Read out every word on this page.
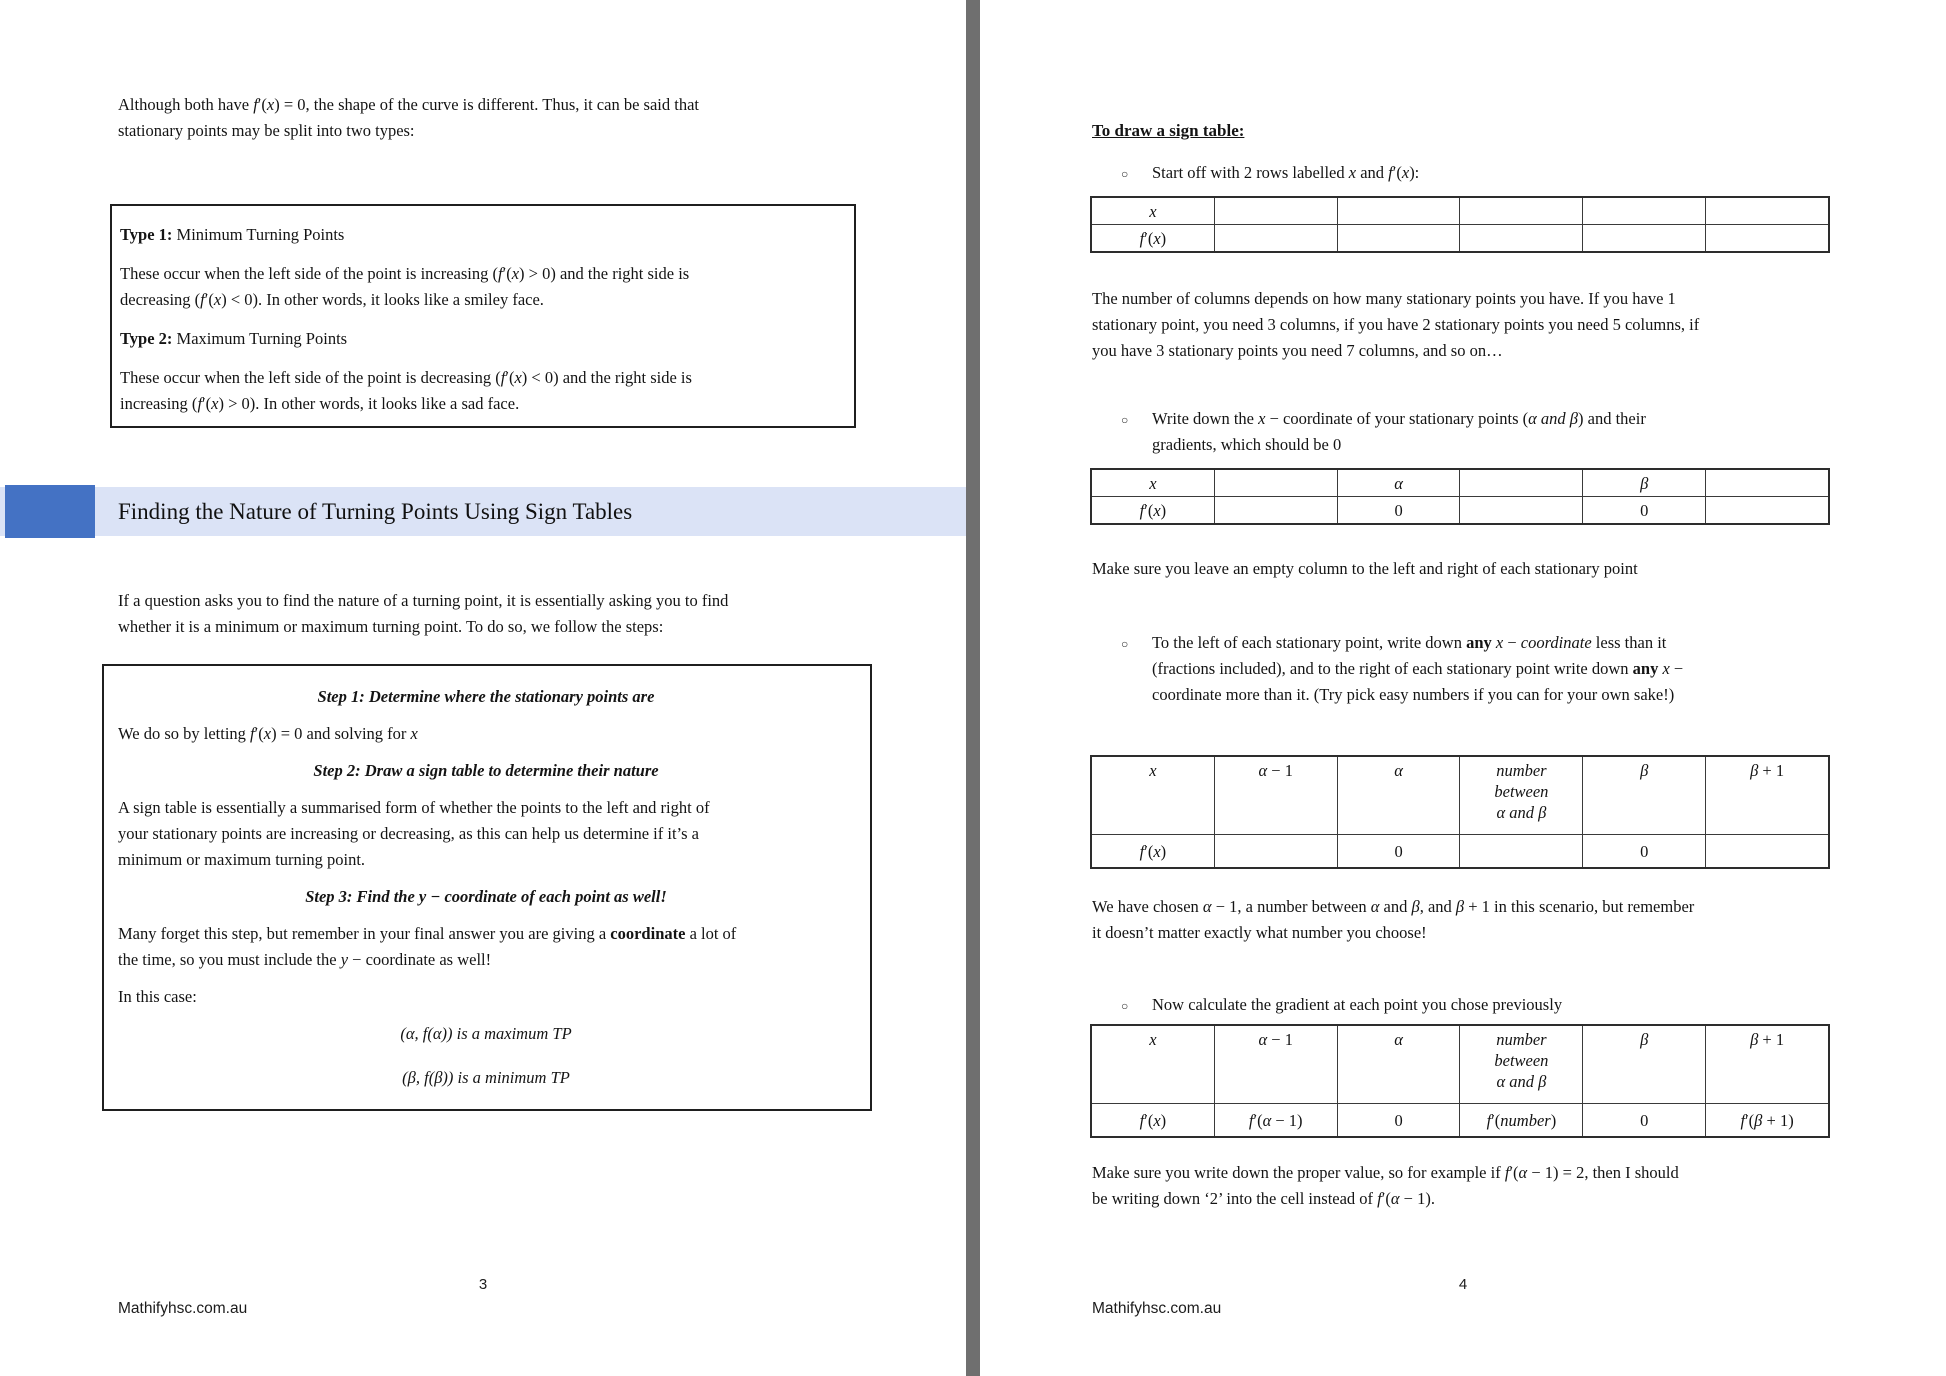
Although both have f′(x) = 0, the shape of the curve is different. Thus, it can be said that
stationary points may be split into two types:

Type 1: Minimum Turning Points

These occur when the left side of the point is increasing (f′(x) > 0) and the right side is
decreasing (f′(x) < 0). In other words, it looks like a smiley face.

Type 2: Maximum Turning Points

These occur when the left side of the point is decreasing (f′(x) < 0) and the right side is
increasing (f′(x) > 0). In other words, it looks like a sad face.

Finding the Nature of Turning Points Using Sign Tables

If a question asks you to find the nature of a turning point, it is essentially asking you to find
whether it is a minimum or maximum turning point. To do so, we follow the steps:

Step 1: Determine where the stationary points are

We do so by letting f′(x) = 0 and solving for x

Step 2: Draw a sign table to determine their nature

A sign table is essentially a summarised form of whether the points to the left and right of
your stationary points are increasing or decreasing, as this can help us determine if it’s a
minimum or maximum turning point.

Step 3: Find the y − coordinate of each point as well!

Many forget this step, but remember in your final answer you are giving a coordinate a lot of
the time, so you must include the y − coordinate as well!

In this case:

(α, f(α)) is a maximum TP

(β, f(β)) is a minimum TP

3
Mathifyhsc.com.au
To draw a sign table:
○ Start off with 2 rows labelled x and f′(x):
x					
f′(x)					

The number of columns depends on how many stationary points you have. If you have 1
stationary point, you need 3 columns, if you have 2 stationary points you need 5 columns, if
you have 3 stationary points you need 7 columns, and so on…

○ Write down the x − coordinate of your stationary points (α and β) and their
gradients, which should be 0
x		α		β	
f′(x)		0		0	

Make sure you leave an empty column to the left and right of each stationary point

○ To the left of each stationary point, write down any x − coordinate less than it
(fractions included), and to the right of each stationary point write down any x −
coordinate more than it. (Try pick easy numbers if you can for your own sake!)
x	α − 1	α	number
between
α and β	β	β + 1
f′(x)		0		0	

We have chosen α − 1, a number between α and β, and β + 1 in this scenario, but remember
it doesn’t matter exactly what number you choose!

○ Now calculate the gradient at each point you chose previously
x	α − 1	α	number
between
α and β	β	β + 1
f′(x)	f′(α − 1)	0	f′(number)	0	f′(β + 1)

Make sure you write down the proper value, so for example if f′(α − 1) = 2, then I should
be writing down ‘2’ into the cell instead of f′(α − 1).

4
Mathifyhsc.com.au
